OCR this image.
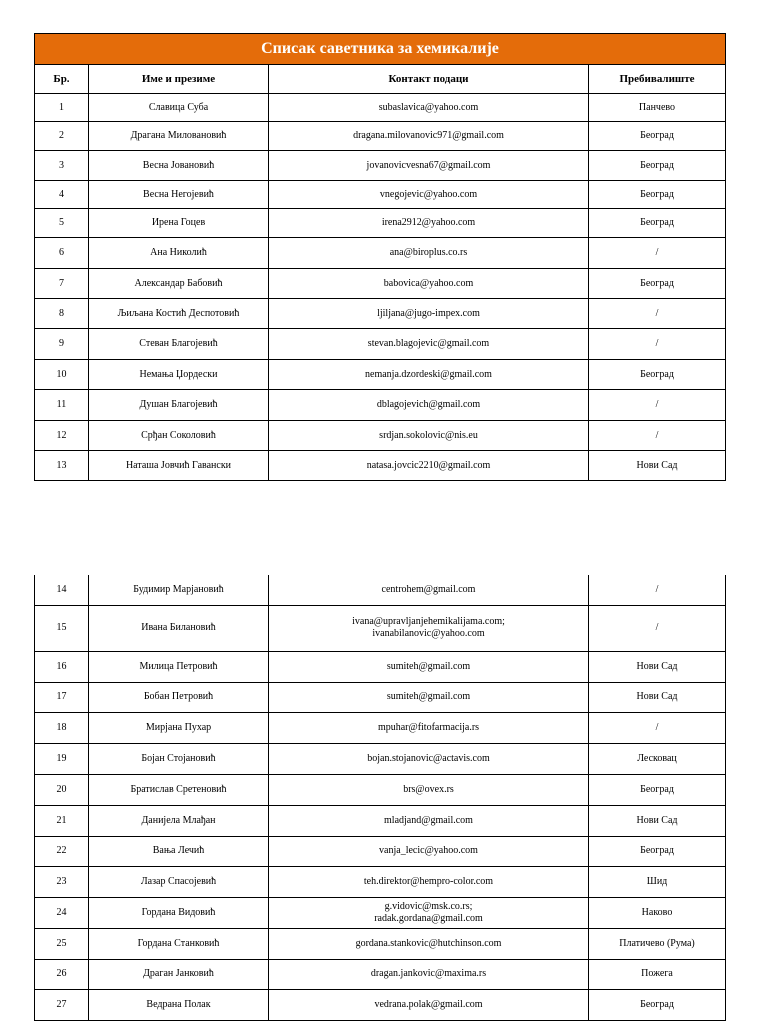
Списак саветника за хемикалије			
Бр.	Име и презиме	Контакт подаци	Пребивалиште
1	Славица Суба	subaslavica@yahoo.com	Панчево
2	Драгана Миловановић	dragana.milovanovic971@gmail.com	Београд
3	Весна Јовановић	jovanovicvesna67@gmail.com	Београд
4	Весна Негојевић	vnegojevic@yahoo.com	Београд
5	Ирена Гоцев	irena2912@yahoo.com	Београд
6	Ана Николић	ana@biroplus.co.rs	/
7	Александар Бабовић	babovica@yahoo.com	Београд
8	Љиљана Костић Деспотовић	ljiljana@jugo-impex.com	/
9	Стеван Благојевић	stevan.blagojevic@gmail.com	/
10	Немања Џордески	nemanja.dzordeski@gmail.com	Београд
11	Душан Благојевић	dblagojevich@gmail.com	/
12	Срђан Соколовић	srdjan.sokolovic@nis.eu	/
13	Наташа Јовчић Гавански	natasa.jovcic2210@gmail.com	Нови Сад
14	Будимир Марјановић	centrohem@gmail.com	/
15	Ивана Билановић	ivana@upravljanjehemikalijama.com;
ivanabilanovic@yahoo.com	/
16	Милица Петровић	sumiteh@gmail.com	Нови Сад
17	Бобан Петровић	sumiteh@gmail.com	Нови Сад
18	Мирјана Пухар	mpuhar@fitofarmacija.rs	/
19	Бојан Стојановић	bojan.stojanovic@actavis.com	Лесковац
20	Братислав Сретеновић	brs@ovex.rs	Београд
21	Данијела Млађан	mladjand@gmail.com	Нови Сад
22	Вања Лечић	vanja_lecic@yahoo.com	Београд
23	Лазар Спасојевић	teh.direktor@hempro-color.com	Шид
24	Гордана Видовић	g.vidovic@msk.co.rs;
radak.gordana@gmail.com	Наково
25	Гордана Станковић	gordana.stankovic@hutchinson.com	Платичево (Рума)
26	Драган Јанковић	dragan.jankovic@maxima.rs	Пожега
27	Ведрана Полак	vedrana.polak@gmail.com	Београд
